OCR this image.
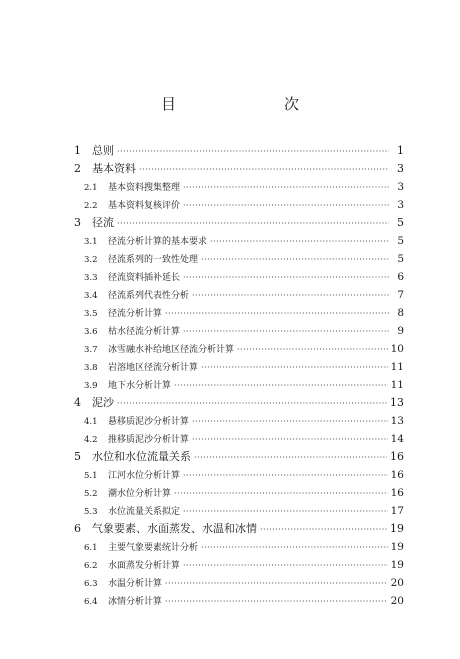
目　　次
1	总则 ·····	1
2	基本资料 ·····	3
2.1	基本资料搜集整理 ·····	3
2.2	基本资料复核评价 ·····	3
3	径流 ·····	5
3.1	径流分析计算的基本要求 ·····	5
3.2	径流系列的一致性处理 ·····	5
3.3	径流资料插补延长 ·····	6
3.4	径流系列代表性分析 ·····	7
3.5	径流分析计算 ·····	8
3.6	枯水径流分析计算 ·····	9
3.7	冰雪融水补给地区径流分析计算 ·····	10
3.8	岩溶地区径流分析计算 ·····	11
3.9	地下水分析计算 ·····	11
4	泥沙 ·····	13
4.1	悬移质泥沙分析计算 ·····	13
4.2	推移质泥沙分析计算 ·····	14
5	水位和水位流量关系 ·····	16
5.1	江河水位分析计算 ·····	16
5.2	潮水位分析计算 ·····	16
5.3	水位流量关系拟定 ·····	17
6	气象要素、水面蒸发、水温和冰情 ·····	19
6.1	主要气象要素统计分析 ·····	19
6.2	水面蒸发分析计算 ·····	19
6.3	水温分析计算 ·····	20
6.4	冰情分析计算 ·····	20
